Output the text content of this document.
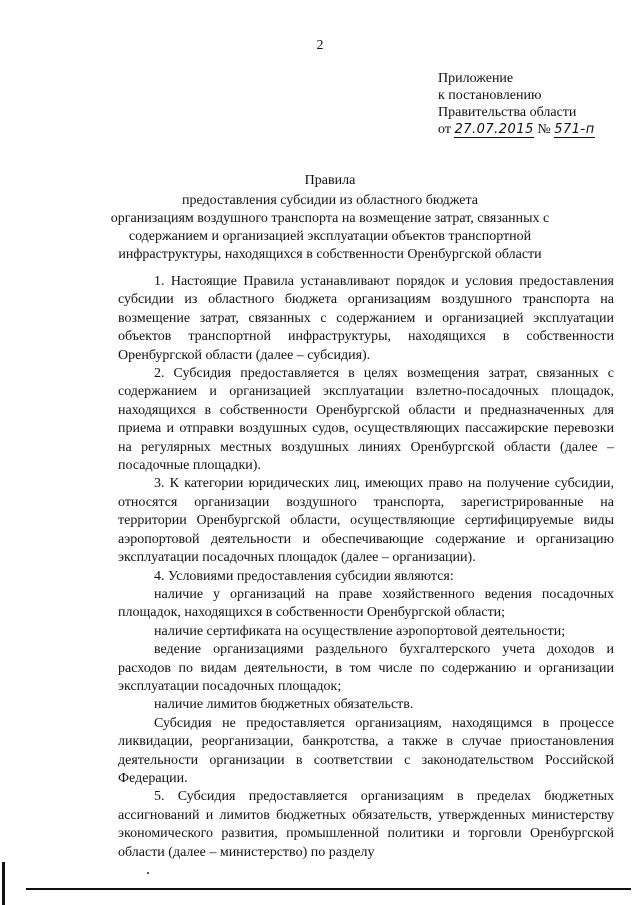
2
Приложение
к постановлению
Правительства области
от 27.07.2015 № 571-п
Правила
предоставления субсидии из областного бюджета
организациям воздушного транспорта на возмещение затрат, связанных с
содержанием и организацией эксплуатации объектов транспортной
инфраструктуры, находящихся в собственности Оренбургской области

1. Настоящие Правила устанавливают порядок и условия предоставления субсидии из областного бюджета организациям воздушного транспорта на возмещение затрат, связанных с содержанием и организацией эксплуатации объектов транспортной инфраструктуры, находящихся в собственности Оренбургской области (далее – субсидия).

2. Субсидия предоставляется в целях возмещения затрат, связанных с содержанием и организацией эксплуатации взлетно-посадочных площадок, находящихся в собственности Оренбургской области и предназначенных для приема и отправки воздушных судов, осуществляющих пассажирские перевозки на регулярных местных воздушных линиях Оренбургской области (далее – посадочные площадки).

3. К категории юридических лиц, имеющих право на получение субсидии, относятся организации воздушного транспорта, зарегистрированные на территории Оренбургской области, осуществляющие сертифицируемые виды аэропортовой деятельности и обеспечивающие содержание и организацию эксплуатации посадочных площадок (далее – организации).

4. Условиями предоставления субсидии являются:

наличие у организаций на праве хозяйственного ведения посадочных площадок, находящихся в собственности Оренбургской области;

наличие сертификата на осуществление аэропортовой деятельности;

ведение организациями раздельного бухгалтерского учета доходов и расходов по видам деятельности, в том числе по содержанию и организации эксплуатации посадочных площадок;

наличие лимитов бюджетных обязательств.

Субсидия не предоставляется организациям, находящимся в процессе ликвидации, реорганизации, банкротства, а также в случае приостановления деятельности организации в соответствии с законодательством Российской Федерации.

5. Субсидия предоставляется организациям в пределах бюджетных ассигнований и лимитов бюджетных обязательств, утвержденных министерству экономического развития, промышленной политики и торговли Оренбургской области (далее – министерство) по разделу
